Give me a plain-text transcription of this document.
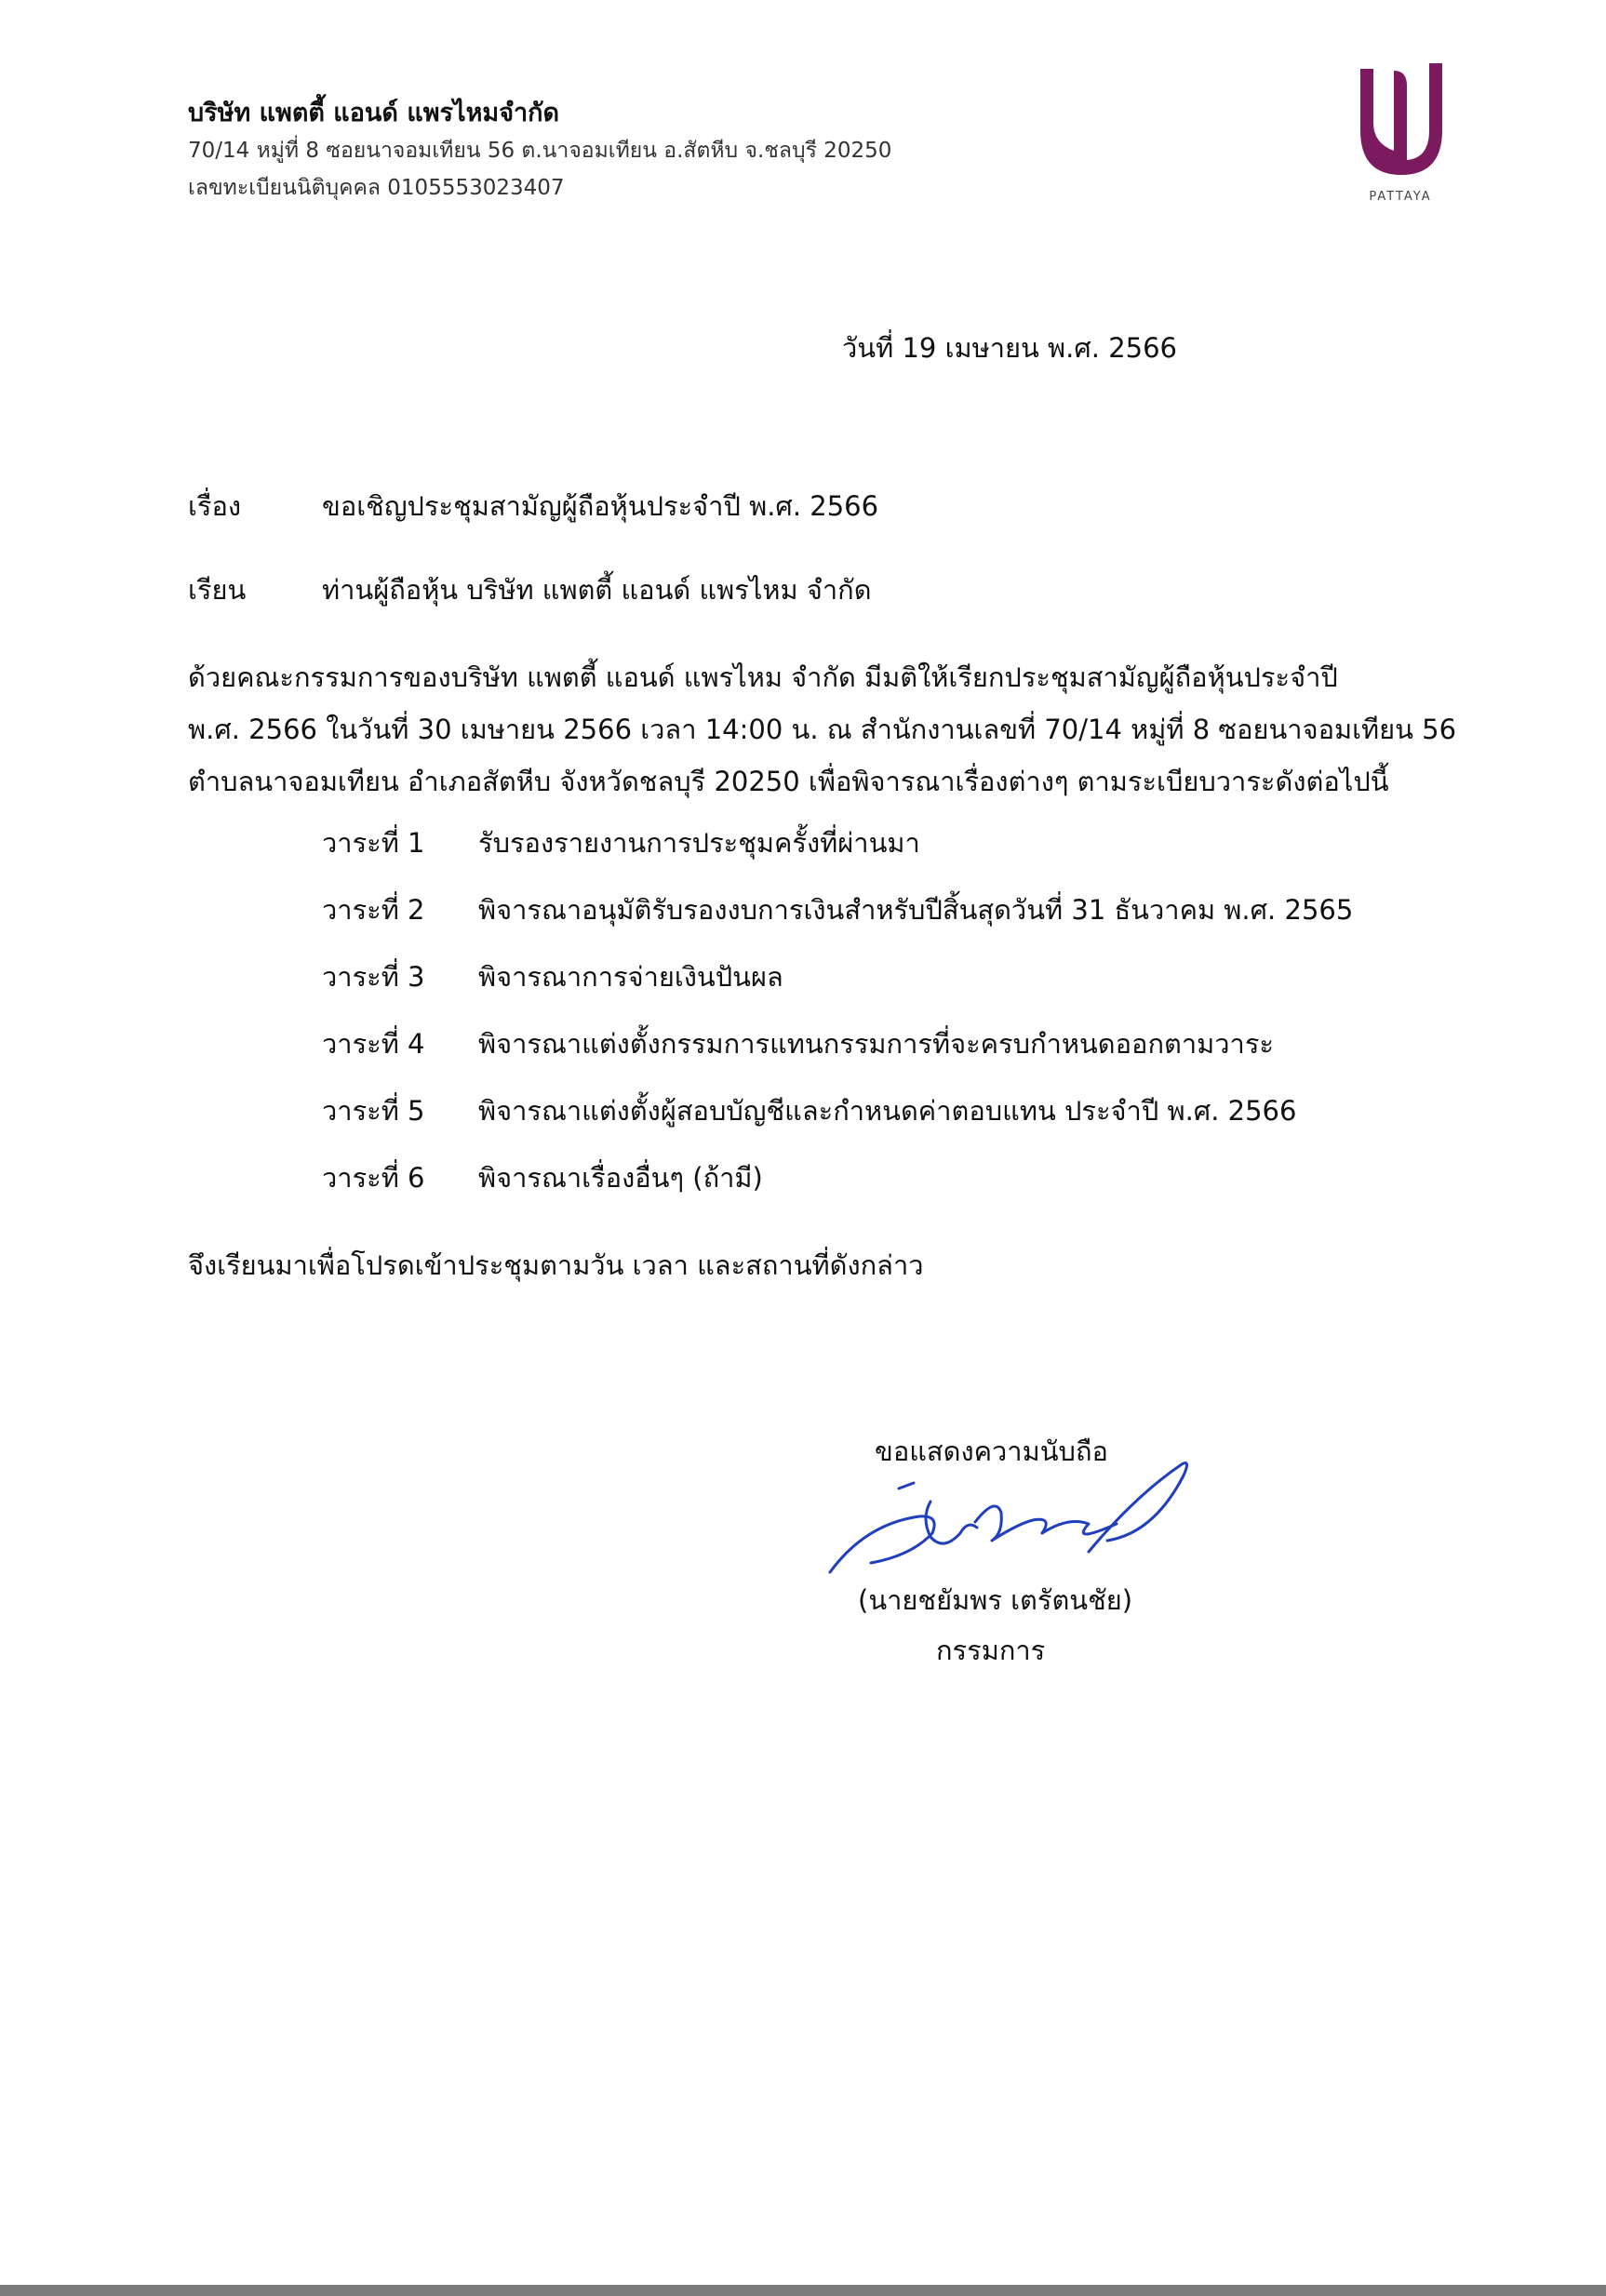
บริษัท แพตตี้ แอนด์ แพรไหมจำกัด
70/14 หมู่ที่ 8 ซอยนาจอมเทียน 56 ต.นาจอมเทียน อ.สัตหีบ จ.ชลบุรี 20250
เลขทะเบียนนิติบุคคล 0105553023407	PATTAYA
วันที่ 19 เมษายน พ.ศ. 2566
เรื่อง	ขอเชิญประชุมสามัญผู้ถือหุ้นประจำปี พ.ศ. 2566
เรียน	ท่านผู้ถือหุ้น บริษัท แพตตี้ แอนด์ แพรไหม จำกัด
ด้วยคณะกรรมการของบริษัท แพตตี้ แอนด์ แพรไหม จำกัด มีมติให้เรียกประชุมสามัญผู้ถือหุ้นประจำปี
พ.ศ. 2566 ในวันที่ 30 เมษายน 2566 เวลา 14:00 น. ณ สำนักงานเลขที่ 70/14 หมู่ที่ 8 ซอยนาจอมเทียน 56
ตำบลนาจอมเทียน อำเภอสัตหีบ จังหวัดชลบุรี 20250 เพื่อพิจารณาเรื่องต่างๆ ตามระเบียบวาระดังต่อไปนี้
วาระที่ 1	รับรองรายงานการประชุมครั้งที่ผ่านมา
วาระที่ 2	พิจารณาอนุมัติรับรองงบการเงินสำหรับปีสิ้นสุดวันที่ 31 ธันวาคม พ.ศ. 2565
วาระที่ 3	พิจารณาการจ่ายเงินปันผล
วาระที่ 4	พิจารณาแต่งตั้งกรรมการแทนกรรมการที่จะครบกำหนดออกตามวาระ
วาระที่ 5	พิจารณาแต่งตั้งผู้สอบบัญชีและกำหนดค่าตอบแทน ประจำปี พ.ศ. 2566
วาระที่ 6	พิจารณาเรื่องอื่นๆ (ถ้ามี)
จึงเรียนมาเพื่อโปรดเข้าประชุมตามวัน เวลา และสถานที่ดังกล่าว
ขอแสดงความนับถือ
(นายชยัมพร เตรัตนชัย)
กรรมการ
